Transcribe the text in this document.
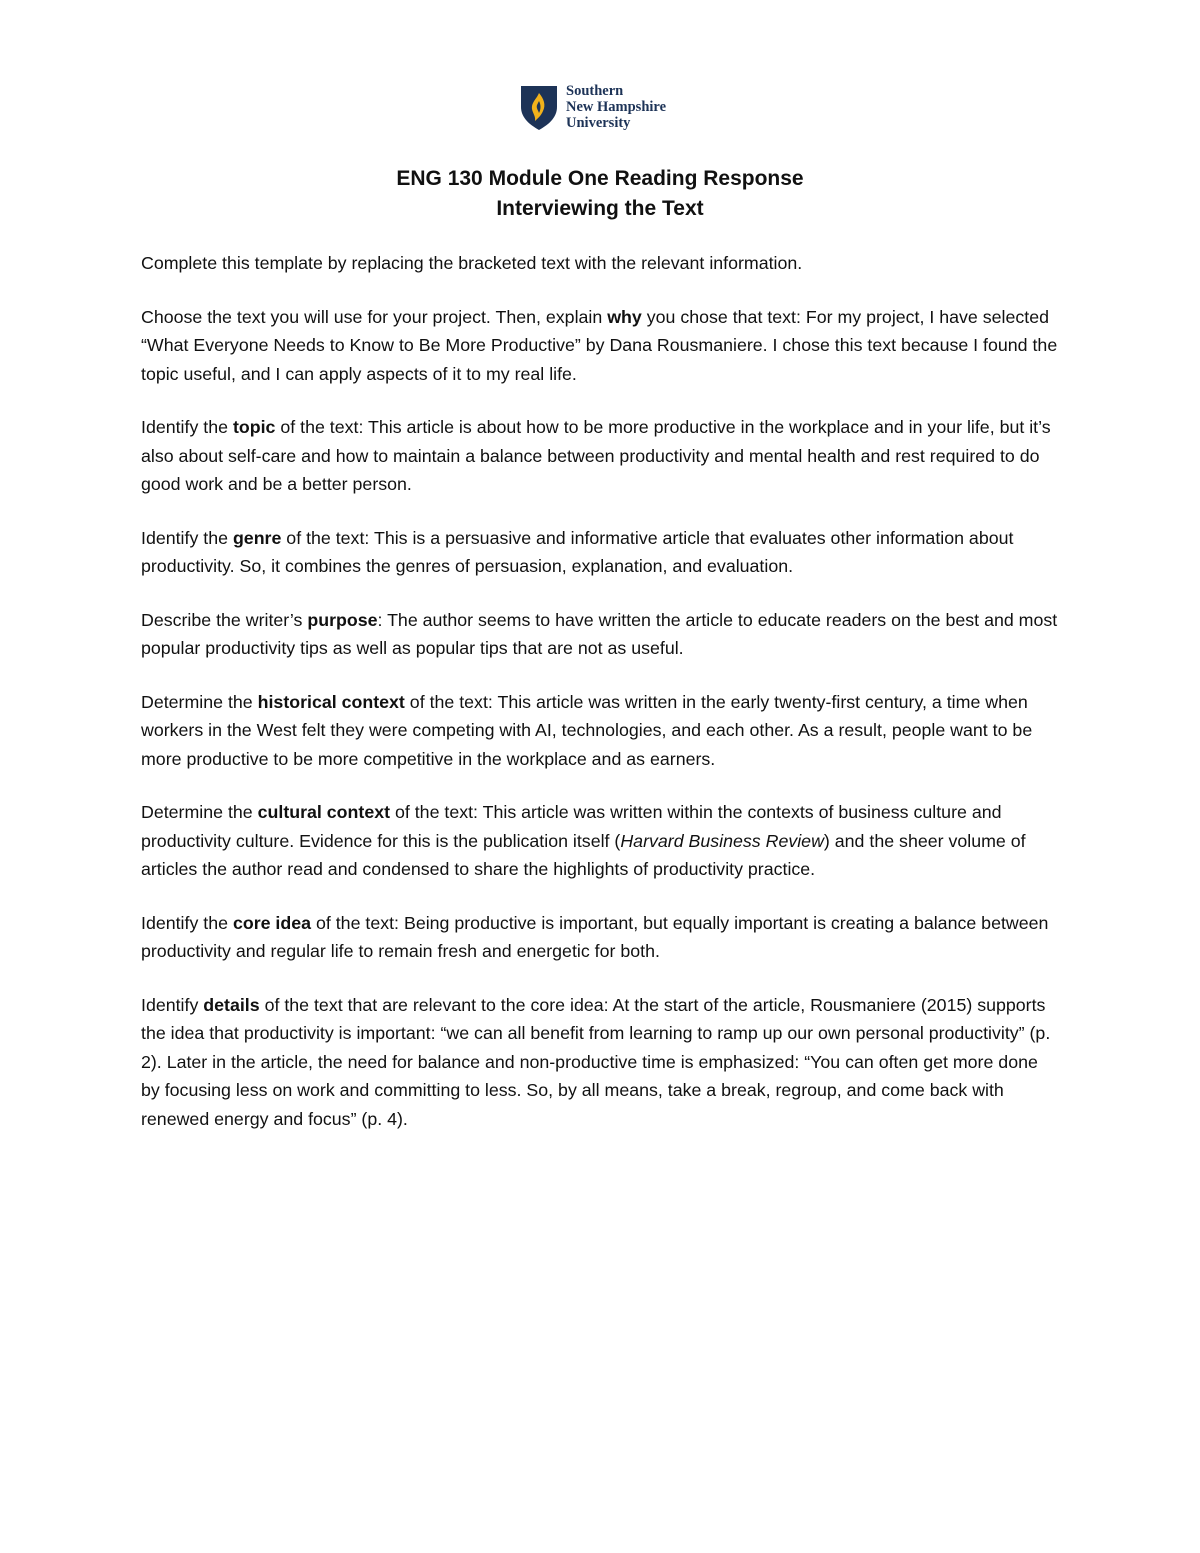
Southern
New Hampshire
University
ENG 130 Module One Reading Response
Interviewing the Text

Complete this template by replacing the bracketed text with the relevant information.

Choose the text you will use for your project. Then, explain why you chose that text: For my project, I have selected “What Everyone Needs to Know to Be More Productive” by Dana Rousmaniere. I chose this text because I found the topic useful, and I can apply aspects of it to my real life.

Identify the topic of the text: This article is about how to be more productive in the workplace and in your life, but it’s also about self-care and how to maintain a balance between productivity and mental health and rest required to do good work and be a better person.

Identify the genre of the text: This is a persuasive and informative article that evaluates other information about productivity. So, it combines the genres of persuasion, explanation, and evaluation.

Describe the writer’s purpose: The author seems to have written the article to educate readers on the best and most popular productivity tips as well as popular tips that are not as useful.

Determine the historical context of the text: This article was written in the early twenty-first century, a time when workers in the West felt they were competing with AI, technologies, and each other. As a result, people want to be more productive to be more competitive in the workplace and as earners.

Determine the cultural context of the text: This article was written within the contexts of business culture and productivity culture. Evidence for this is the publication itself (Harvard Business Review) and the sheer volume of articles the author read and condensed to share the highlights of productivity practice.

Identify the core idea of the text: Being productive is important, but equally important is creating a balance between productivity and regular life to remain fresh and energetic for both.

Identify details of the text that are relevant to the core idea: At the start of the article, Rousmaniere (2015) supports the idea that productivity is important: “we can all benefit from learning to ramp up our own personal productivity” (p. 2). Later in the article, the need for balance and non-productive time is emphasized: “You can often get more done by focusing less on work and committing to less. So, by all means, take a break, regroup, and come back with renewed energy and focus” (p. 4).
